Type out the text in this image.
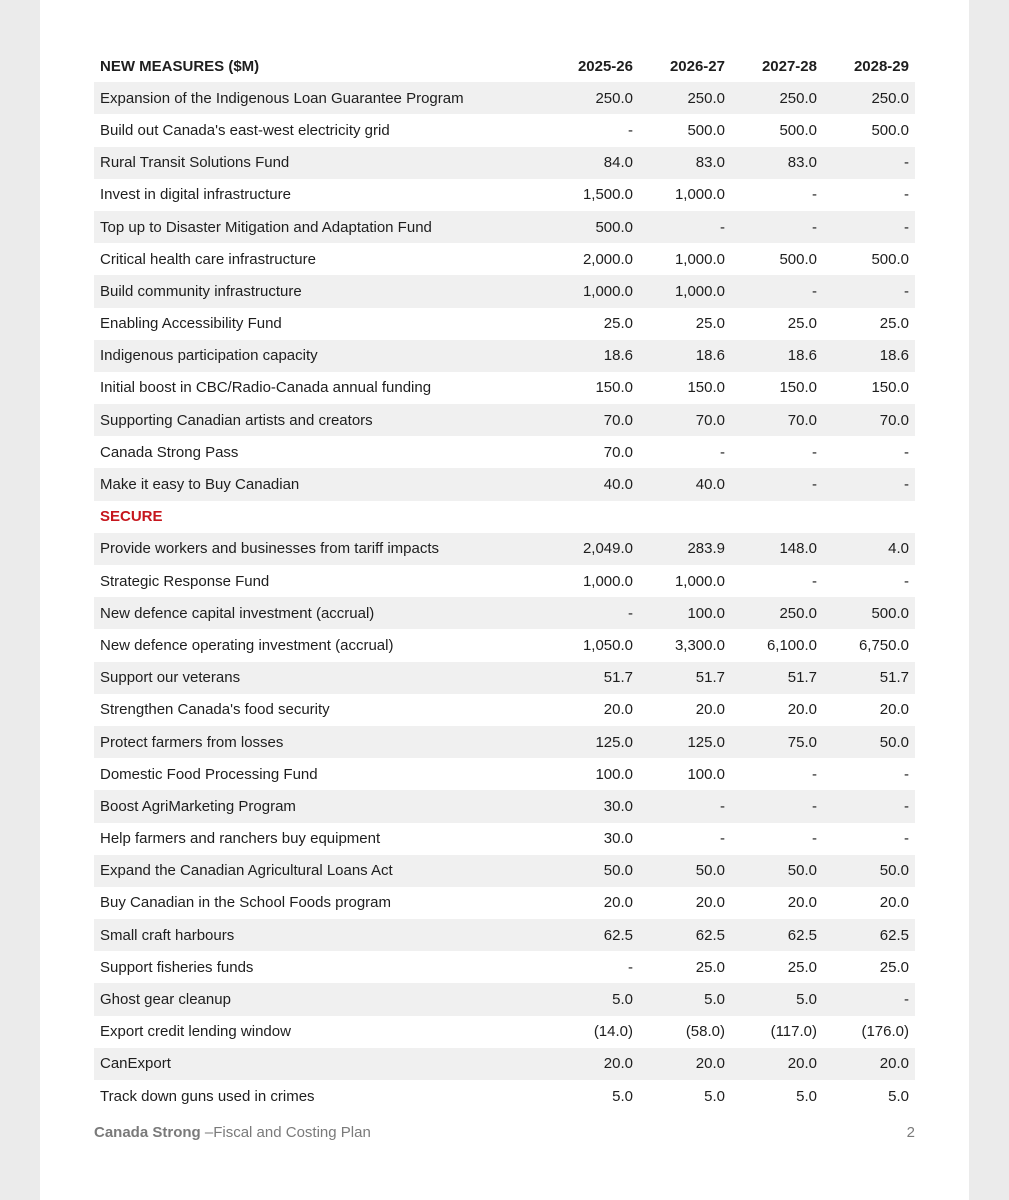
NEW MEASURES ($M)	2025-26	2026-27	2027-28	2028-29
Expansion of the Indigenous Loan Guarantee Program	250.0	250.0	250.0	250.0
Build out Canada's east-west electricity grid	-	500.0	500.0	500.0
Rural Transit Solutions Fund	84.0	83.0	83.0	-
Invest in digital infrastructure	1,500.0	1,000.0	-	-
Top up to Disaster Mitigation and Adaptation Fund	500.0	-	-	-
Critical health care infrastructure	2,000.0	1,000.0	500.0	500.0
Build community infrastructure	1,000.0	1,000.0	-	-
Enabling Accessibility Fund	25.0	25.0	25.0	25.0
Indigenous participation capacity	18.6	18.6	18.6	18.6
Initial boost in CBC/Radio-Canada annual funding	150.0	150.0	150.0	150.0
Supporting Canadian artists and creators	70.0	70.0	70.0	70.0
Canada Strong Pass	70.0	-	-	-
Make it easy to Buy Canadian	40.0	40.0	-	-
SECURE				
Provide workers and businesses from tariff impacts	2,049.0	283.9	148.0	4.0
Strategic Response Fund	1,000.0	1,000.0	-	-
New defence capital investment (accrual)	-	100.0	250.0	500.0
New defence operating investment (accrual)	1,050.0	3,300.0	6,100.0	6,750.0
Support our veterans	51.7	51.7	51.7	51.7
Strengthen Canada's food security	20.0	20.0	20.0	20.0
Protect farmers from losses	125.0	125.0	75.0	50.0
Domestic Food Processing Fund	100.0	100.0	-	-
Boost AgriMarketing Program	30.0	-	-	-
Help farmers and ranchers buy equipment	30.0	-	-	-
Expand the Canadian Agricultural Loans Act	50.0	50.0	50.0	50.0
Buy Canadian in the School Foods program	20.0	20.0	20.0	20.0
Small craft harbours	62.5	62.5	62.5	62.5
Support fisheries funds	-	25.0	25.0	25.0
Ghost gear cleanup	5.0	5.0	5.0	-
Export credit lending window	(14.0)	(58.0)	(117.0)	(176.0)
CanExport	20.0	20.0	20.0	20.0
Track down guns used in crimes	5.0	5.0	5.0	5.0
Canada Strong –Fiscal and Costing Plan	2
